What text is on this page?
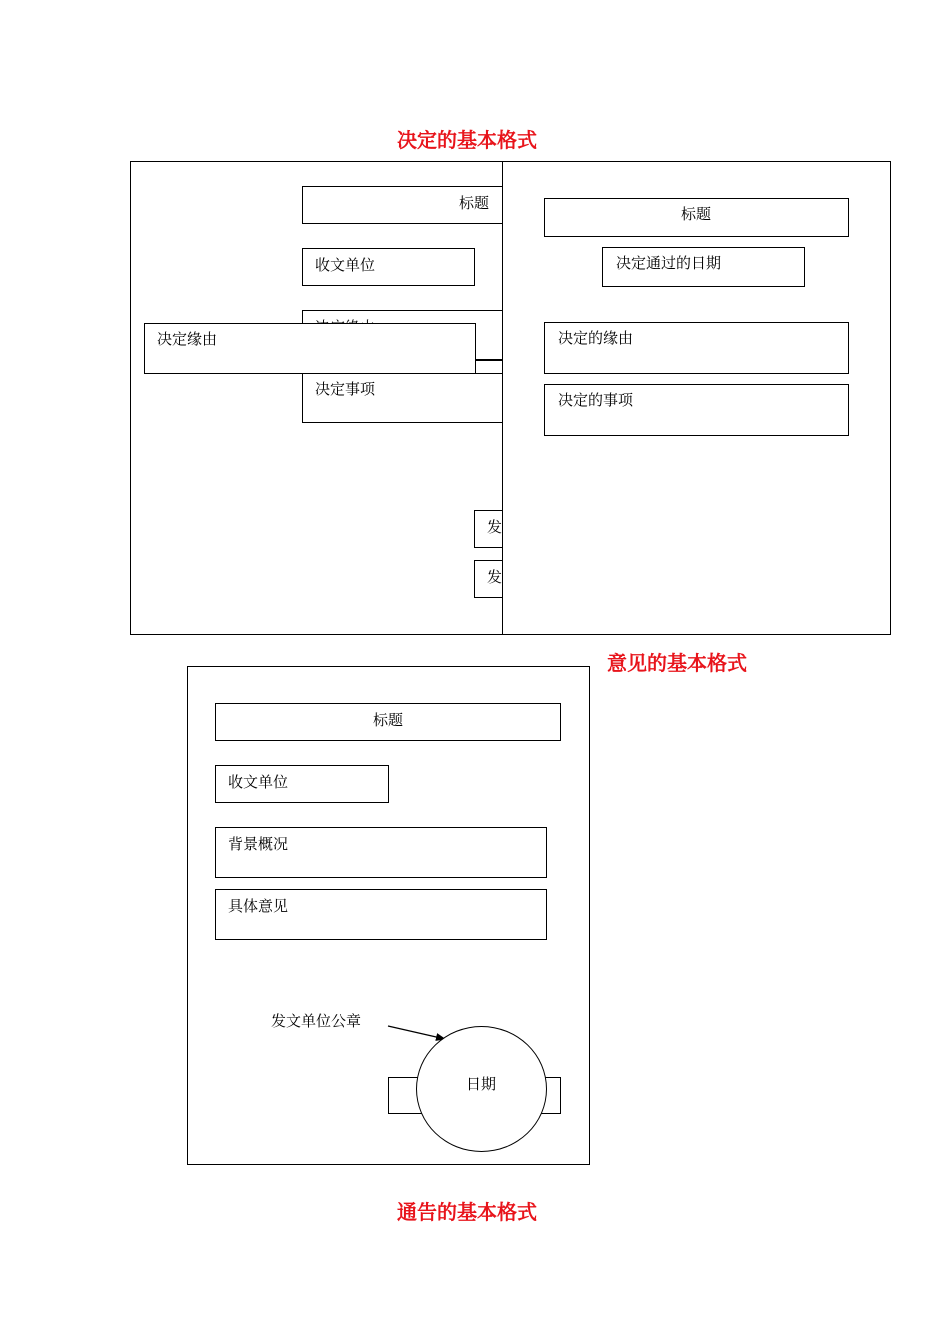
决定的基本格式
标题
收文单位
决定事项
决定缘由
发
发
标题
决定通过的日期
决定的缘由
决定的事项
意见的基本格式
标题
收文单位
背景概况
具体意见
发文单位公章
日期
通告的基本格式
